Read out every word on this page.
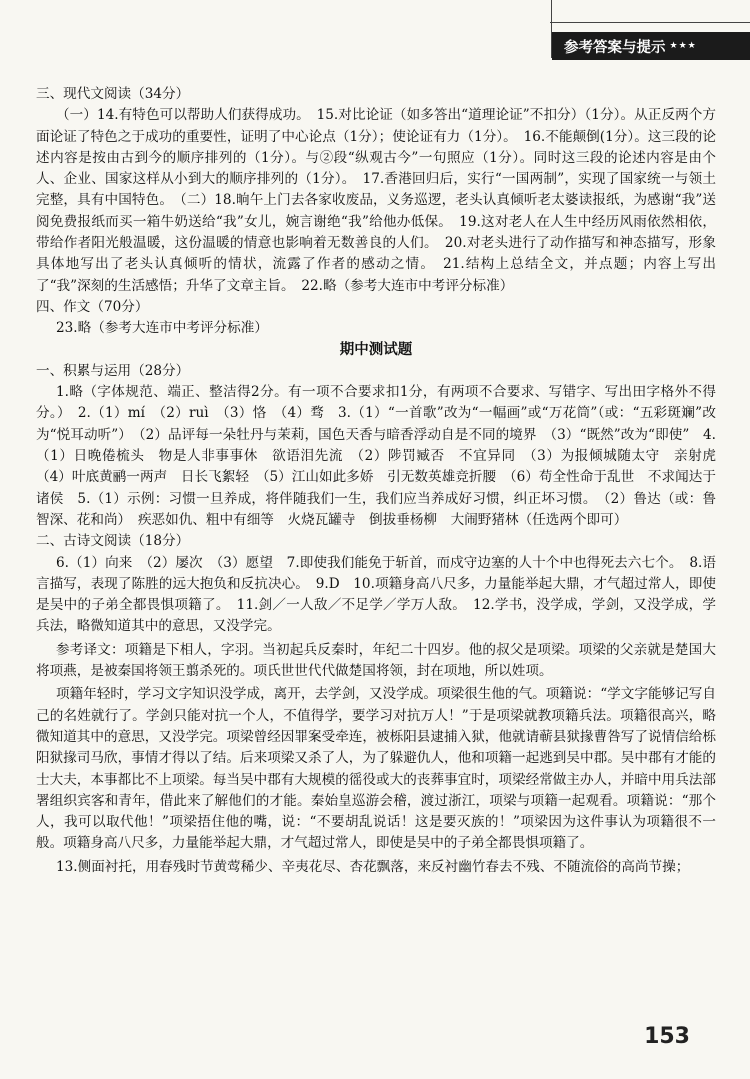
参考答案与提示 ★★★

三、现代文阅读（34分）

（一）14.有特色可以帮助人们获得成功。　15.对比论证（如多答出“道理论证”不扣分）（1分）。从正反两个方面论证了特色之于成功的重要性，证明了中心论点（1分）；使论证有力（1分）。　16.不能颠倒(1分）。这三段的论述内容是按由古到今的顺序排列的（1分）。与②段“纵观古今”一句照应（1分）。同时这三段的论述内容是由个人、企业、国家这样从小到大的顺序排列的（1分）。　17.香港回归后，实行“一国两制”，实现了国家统一与领土完整，具有中国特色。　（二）18.晌午上门去各家收废品，义务巡逻，老头认真倾听老太婆读报纸，为感谢“我”送阅免费报纸而买一箱牛奶送给“我”女儿，婉言谢绝“我”给他办低保。　19.这对老人在人生中经历风雨依然相依，带给作者阳光般温暖，这份温暖的情意也影响着无数善良的人们。　20.对老头进行了动作描写和神态描写，形象具体地写出了老头认真倾听的情状，流露了作者的感动之情。　21.结构上总结全文，并点题；内容上写出了“我”深刻的生活感悟；升华了文章主旨。　22.略（参考大连市中考评分标准）

四、作文（70分）

23.略（参考大连市中考评分标准）

期中测试题

一、积累与运用（28分）

1.略（字体规范、端正、整洁得2分。有一项不合要求扣1分，有两项不合要求、写错字、写出田字格外不得分。）　2.（1）mí　（2）ruì　（3）恪　（4）骛　3.（1）“一首歌”改为“一幅画”或“万花筒”（或：“五彩斑斓”改为“悦耳动听”）　（2）品评每一朵牡丹与茉莉，国色天香与暗香浮动自是不同的境界　（3）“既然”改为“即使”　4.（1）日晚倦梳头　物是人非事事休　欲语泪先流　（2）陟罚臧否　不宜异同　（3）为报倾城随太守　亲射虎　（4）叶底黄鹂一两声　日长飞絮轻　（5）江山如此多娇　引无数英雄竞折腰　（6）苟全性命于乱世　不求闻达于诸侯　5.（1）示例：习惯一旦养成，将伴随我们一生，我们应当养成好习惯，纠正坏习惯。　（2）鲁达（或：鲁智深、花和尚）　疾恶如仇、粗中有细等　火烧瓦罐寺　倒拔垂杨柳　大闹野猪林（任选两个即可）

二、古诗文阅读（18分）

6.（1）向来　（2）屡次　（3）愿望　7.即使我们能免于斩首，而戍守边塞的人十个中也得死去六七个。　8.语言描写，表现了陈胜的远大抱负和反抗决心。　9.D　10.项籍身高八尺多，力量能举起大鼎，才气超过常人，即使是吴中的子弟全都畏惧项籍了。　11.剑／一人敌／不足学／学万人敌。　12.学书，没学成，学剑，又没学成，学兵法，略微知道其中的意思，又没学完。

参考译文：项籍是下相人，字羽。当初起兵反秦时，年纪二十四岁。他的叔父是项梁。项梁的父亲就是楚国大将项燕，是被秦国将领王翦杀死的。项氏世世代代做楚国将领，封在项地，所以姓项。

项籍年轻时，学习文字知识没学成，离开，去学剑，又没学成。项梁很生他的气。项籍说：“学文字能够记写自己的名姓就行了。学剑只能对抗一个人，不值得学，要学习对抗万人！”于是项梁就教项籍兵法。项籍很高兴，略微知道其中的意思，又没学完。项梁曾经因罪案受牵连，被栎阳县逮捕入狱，他就请蕲县狱掾曹咎写了说情信给栎阳狱掾司马欣，事情才得以了结。后来项梁又杀了人，为了躲避仇人，他和项籍一起逃到吴中郡。吴中郡有才能的士大夫，本事都比不上项梁。每当吴中郡有大规模的徭役或大的丧葬事宜时，项梁经常做主办人，并暗中用兵法部署组织宾客和青年，借此来了解他们的才能。秦始皇巡游会稽，渡过浙江，项梁与项籍一起观看。项籍说：“那个人，我可以取代他！”项梁捂住他的嘴，说：“不要胡乱说话！这是要灭族的！”项梁因为这件事认为项籍很不一般。项籍身高八尺多，力量能举起大鼎，才气超过常人，即使是吴中的子弟全都畏惧项籍了。

13.侧面衬托，用春残时节黄莺稀少、辛夷花尽、杏花飘落，来反衬幽竹春去不残、不随流俗的高尚节操；

153
